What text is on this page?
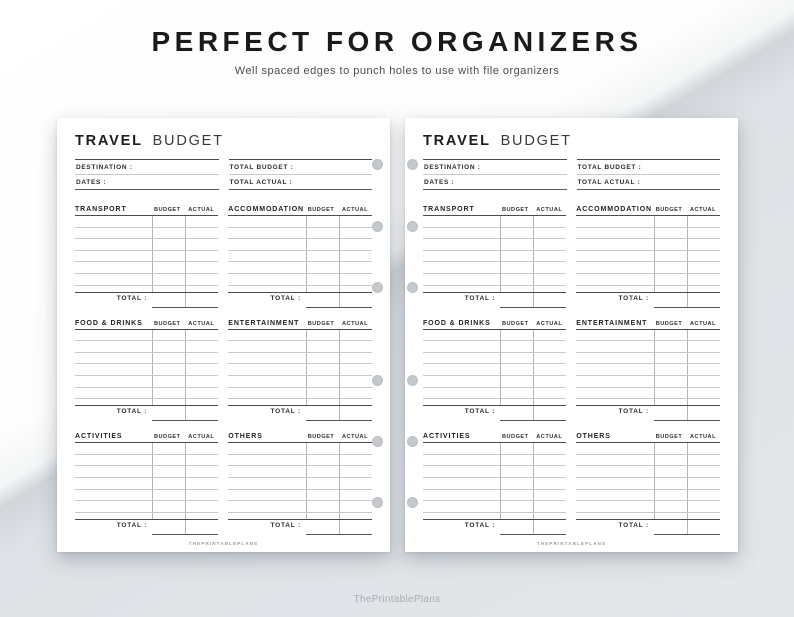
PERFECT FOR ORGANIZERS
Well spaced edges to punch holes to use with file organizers
TRAVEL BUDGET
DESTINATION :
DATES :
TOTAL BUDGET :
TOTAL ACTUAL :
TRANSPORT	BUDGET	ACTUAL
TOTAL :
ACCOMMODATION BUDGET	ACTUAL
TOTAL :
FOOD & DRINKS	BUDGET	ACTUAL
TOTAL :
ENTERTAINMENT	BUDGET	ACTUAL
TOTAL :
ACTIVITIES	BUDGET	ACTUAL
TOTAL :
OTHERS	BUDGET	ACTUAL
TOTAL :
THEPRINTABLEPLANS
TRAVEL BUDGET
DESTINATION :
DATES :
TOTAL BUDGET :
TOTAL ACTUAL :
TRANSPORT	BUDGET	ACTUAL
TOTAL :
ACCOMMODATION BUDGET	ACTUAL
TOTAL :
FOOD & DRINKS	BUDGET	ACTUAL
TOTAL :
ENTERTAINMENT	BUDGET	ACTUAL
TOTAL :
ACTIVITIES	BUDGET	ACTUAL
TOTAL :
OTHERS	BUDGET	ACTUAL
TOTAL :
THEPRINTABLEPLANS
ThePrintablePlans
